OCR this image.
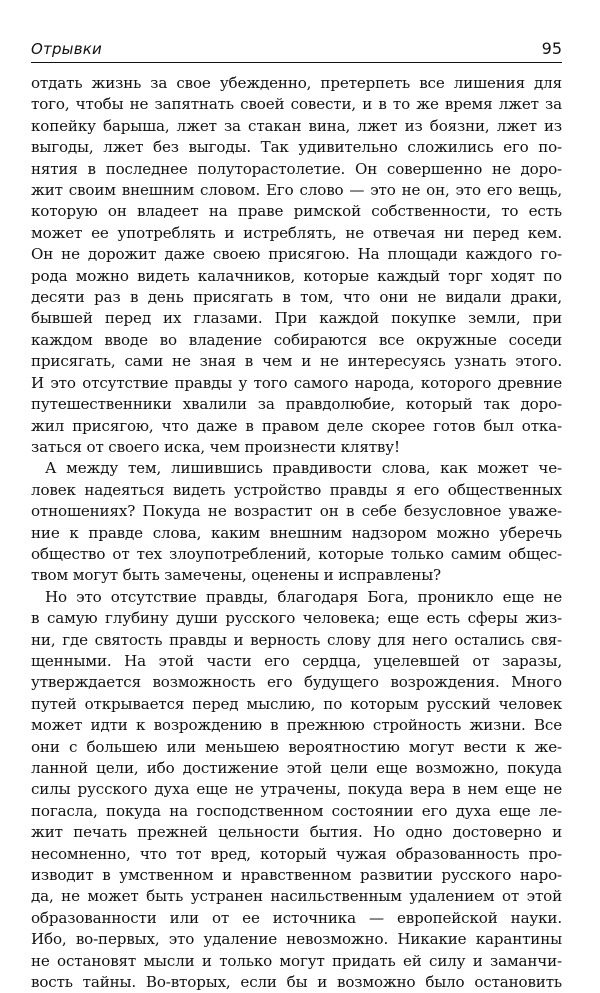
Отрывки	95
отдать жизнь за свое убежденно, претерпеть все лишения для
того, чтобы не запятнать своей совести, и в то же время лжет за
копейку барыша, лжет за стакан вина, лжет из боязни, лжет из
выгоды, лжет без выгоды. Так удивительно сложились его по-
нятия в последнее полуторастолетие. Он совершенно не доро-
жит своим внешним словом. Его слово — это не он, это его вещь,
которую он владеет на праве римской собственности, то есть
может ее употреблять и истреблять, не отвечая ни перед кем.
Он не дорожит даже своею присягою. На площади каждого го-
рода можно видеть калачников, которые каждый торг ходят по
десяти раз в день присягать в том, что они не видали драки,
бывшей перед их глазами. При каждой покупке земли, при
каждом вводе во владение собираются все окружные соседи
присягать, сами не зная в чем и не интересуясь узнать этого.
И это отсутствие правды у того самого народа, которого древние
путешественники хвалили за правдолюбие, который так доро-
жил присягою, что даже в правом деле скорее готов был отка-
заться от своего иска, чем произнести клятву!
А между тем, лишившись правдивости слова, как может че-
ловек надеяться видеть устройство правды я его общественных
отношениях? Покуда не возрастит он в себе безусловное уваже-
ние к правде слова, каким внешним надзором можно уберечь
общество от тех злоупотреблений, которые только самим общес-
твом могут быть замечены, оценены и исправлены?
Но это отсутствие правды, благодаря Бога, проникло еще не
в самую глубину души русского человека; еще есть сферы жиз-
ни, где святость правды и верность слову для него остались свя-
щенными. На этой части его сердца, уцелевшей от заразы,
утверждается возможность его будущего возрождения. Много
путей открывается перед мыслию, по которым русский человек
может идти к возрождению в прежнюю стройность жизни. Все
они с большею или меньшею вероятностию могут вести к же-
ланной цели, ибо достижение этой цели еще возможно, покуда
силы русского духа еще не утрачены, покуда вера в нем еще не
погасла, покуда на господственном состоянии его духа еще ле-
жит печать прежней цельности бытия. Но одно достоверно и
несомненно, что тот вред, который чужая образованность про-
изводит в умственном и нравственном развитии русского наро-
да, не может быть устранен насильственным удалением от этой
образованности или от ее источника — европейской науки.
Ибо, во-первых, это удаление невозможно. Никакие карантины
не остановят мысли и только могут придать ей силу и заманчи-
вость тайны. Во-вторых, если бы и возможно было остановить
